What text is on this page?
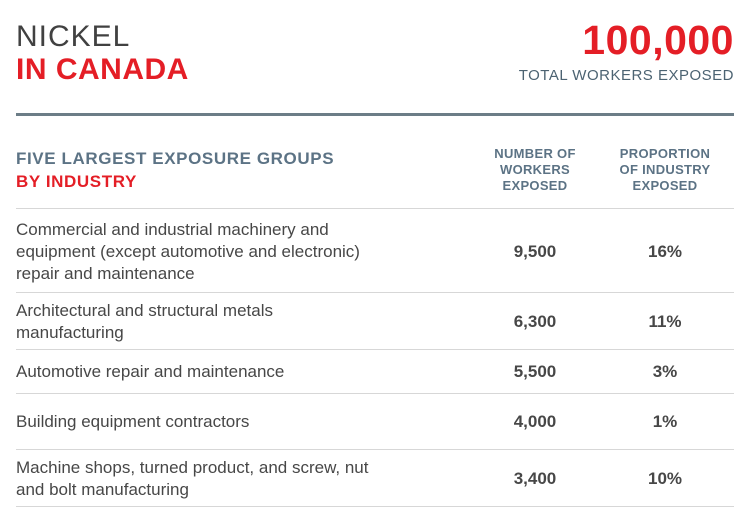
NICKEL
IN CANADA
100,000
TOTAL WORKERS EXPOSED
FIVE LARGEST EXPOSURE GROUPS
BY INDUSTRY
NUMBER OF
WORKERS
EXPOSED
PROPORTION
OF INDUSTRY
EXPOSED
Commercial and industrial machinery and
equipment (except automotive and electronic)
repair and maintenance
9,500	16%
Architectural and structural metals
manufacturing
6,300	11%
Automotive repair and maintenance	5,500	3%
Building equipment contractors	4,000	1%
Machine shops, turned product, and screw, nut
and bolt manufacturing
3,400	10%
